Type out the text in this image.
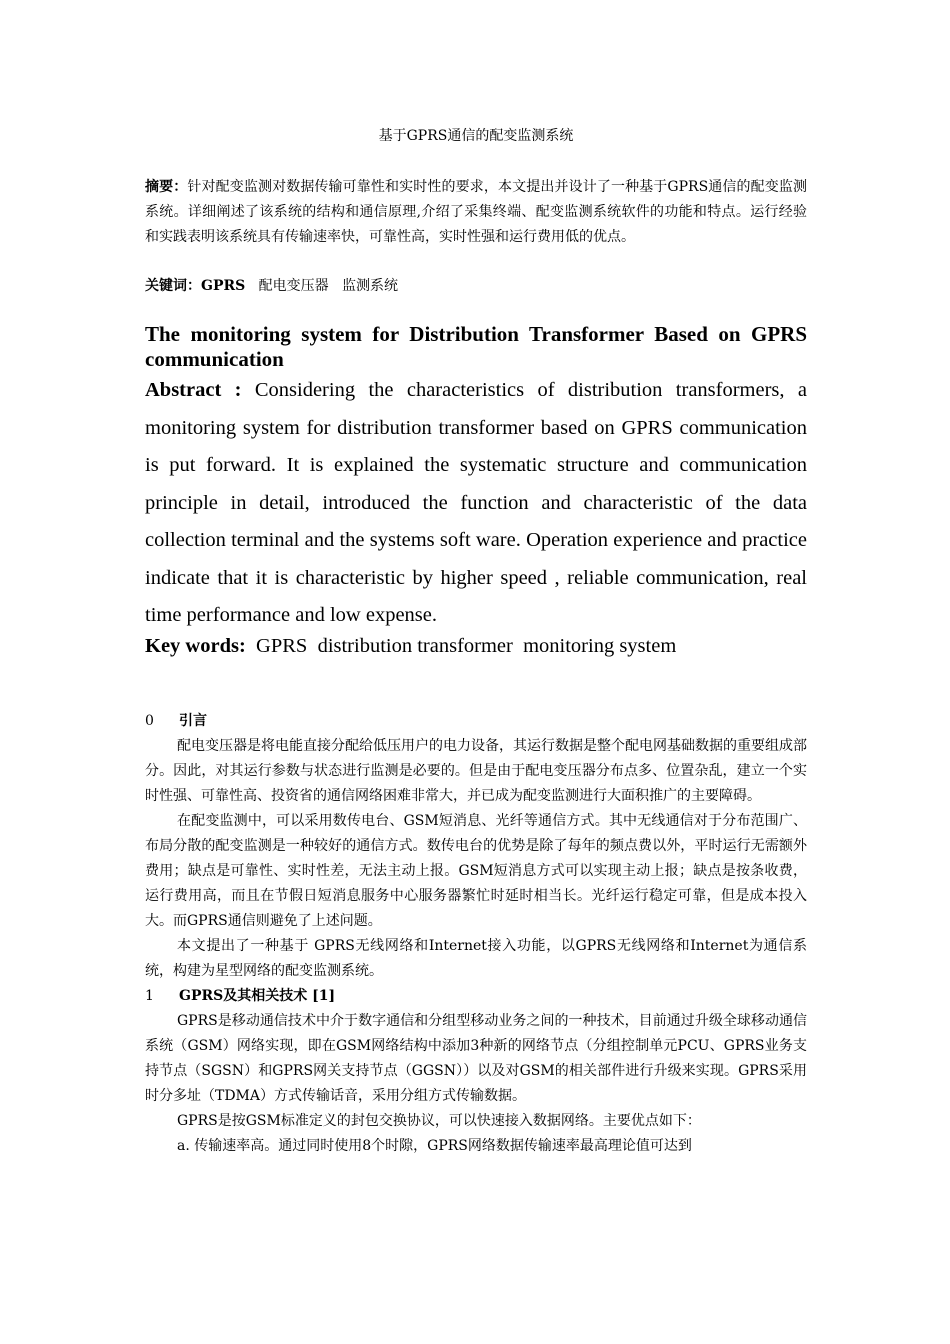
基于GPRS通信的配变监测系统
摘要：针对配变监测对数据传输可靠性和实时性的要求，本文提出并设计了一种基于GPRS通信的配变监测系统。详细阐述了该系统的结构和通信原理,介绍了采集终端、配变监测系统软件的功能和特点。运行经验和实践表明该系统具有传输速率快，可靠性高，实时性强和运行费用低的优点。
关键词：GPRS 配电变压器 监测系统
The monitoring system for Distribution Transformer Based on GPRS communication
Abstract : Considering the characteristics of distribution transformers, a monitoring system for distribution transformer based on GPRS communication is put forward. It is explained the systematic structure and communication principle in detail, introduced the function and characteristic of the data collection terminal and the systems soft ware. Operation experience and practice indicate that it is characteristic by higher speed , reliable communication, real time performance and low expense.
Key words: GPRS distribution transformer monitoring system

0 引言

配电变压器是将电能直接分配给低压用户的电力设备，其运行数据是整个配电网基础数据的重要组成部分。因此，对其运行参数与状态进行监测是必要的。但是由于配电变压器分布点多、位置杂乱，建立一个实时性强、可靠性高、投资省的通信网络困难非常大，并已成为配变监测进行大面积推广的主要障碍。

在配变监测中，可以采用数传电台、GSM短消息、光纤等通信方式。其中无线通信对于分布范围广、布局分散的配变监测是一种较好的通信方式。数传电台的优势是除了每年的频点费以外，平时运行无需额外费用；缺点是可靠性、实时性差，无法主动上报。GSM短消息方式可以实现主动上报；缺点是按条收费，运行费用高，而且在节假日短消息服务中心服务器繁忙时延时相当长。光纤运行稳定可靠，但是成本投入大。而GPRS通信则避免了上述问题。

本文提出了一种基于 GPRS无线网络和Internet接入功能，以GPRS无线网络和Internet为通信系统，构建为星型网络的配变监测系统。

1 GPRS及其相关技术 [1]

GPRS是移动通信技术中介于数字通信和分组型移动业务之间的一种技术，目前通过升级全球移动通信系统（GSM）网络实现，即在GSM网络结构中添加3种新的网络节点（分组控制单元PCU、GPRS业务支持节点（SGSN）和GPRS网关支持节点（GGSN））以及对GSM的相关部件进行升级来实现。GPRS采用时分多址（TDMA）方式传输话音，采用分组方式传输数据。

GPRS是按GSM标准定义的封包交换协议，可以快速接入数据网络。主要优点如下：

a. 传输速率高。通过同时使用8个时隙，GPRS网络数据传输速率最高理论值可达到
